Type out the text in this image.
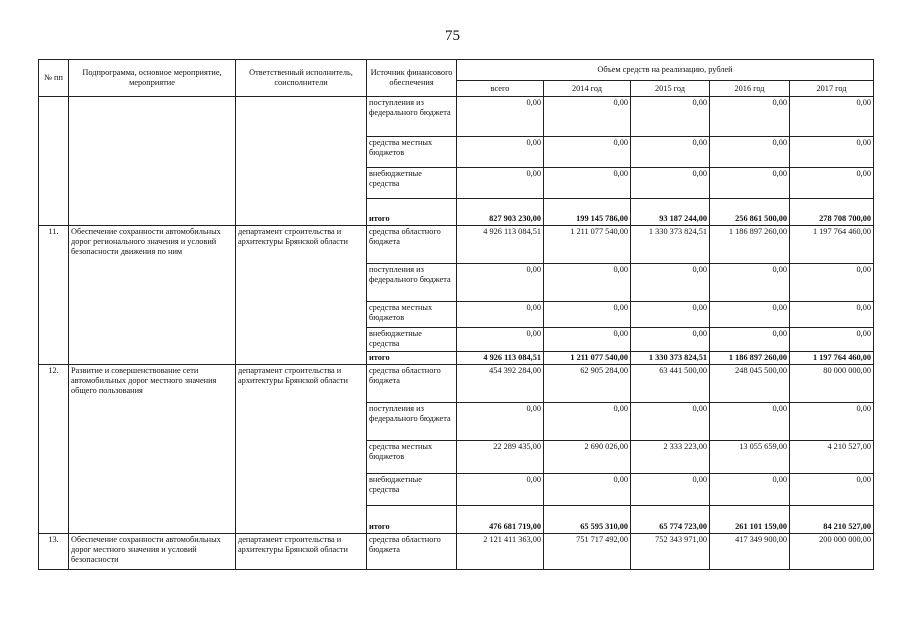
75
№ пп	Подпрограмма, основное мероприятие, мероприятие	Ответственный исполнитель, соисполнители	Источник финансового обеспечения	Объем средств на реализацию, рублей				
				всего	2014 год	2015 год	2016 год	2017 год
			поступления из федерального бюджета	0,00	0,00	0,00	0,00	0,00
			средства местных бюджетов	0,00	0,00	0,00	0,00	0,00
			внебюджетные средства	0,00	0,00	0,00	0,00	0,00
			итого	827 903 230,00	199 145 786,00	93 187 244,00	256 861 500,00	278 708 700,00
11.	Обеспечение сохранности автомобильных дорог регионального значения и условий безопасности движения по ним	департамент строительства и архитектуры Брянской области	средства областного бюджета	4 926 113 084,51	1 211 077 540,00	1 330 373 824,51	1 186 897 260,00	1 197 764 460,00
			поступления из федерального бюджета	0,00	0,00	0,00	0,00	0,00
			средства местных бюджетов	0,00	0,00	0,00	0,00	0,00
			внебюджетные средства	0,00	0,00	0,00	0,00	0,00
			итого	4 926 113 084,51	1 211 077 540,00	1 330 373 824,51	1 186 897 260,00	1 197 764 460,00
12.	Развитие и совершенствование сети автомобильных дорог местного значения общего пользования	департамент строительства и архитектуры Брянской области	средства областного бюджета	454 392 284,00	62 905 284,00	63 441 500,00	248 045 500,00	80 000 000,00
			поступления из федерального бюджета	0,00	0,00	0,00	0,00	0,00
			средства местных бюджетов	22 289 435,00	2 690 026,00	2 333 223,00	13 055 659,00	4 210 527,00
			внебюджетные средства	0,00	0,00	0,00	0,00	0,00
			итого	476 681 719,00	65 595 310,00	65 774 723,00	261 101 159,00	84 210 527,00
13.	Обеспечение сохранности автомобильных дорог местного значения и условий безопасности	департамент строительства и архитектуры Брянской области	средства областного бюджета	2 121 411 363,00	751 717 492,00	752 343 971,00	417 349 900,00	200 000 000,00
